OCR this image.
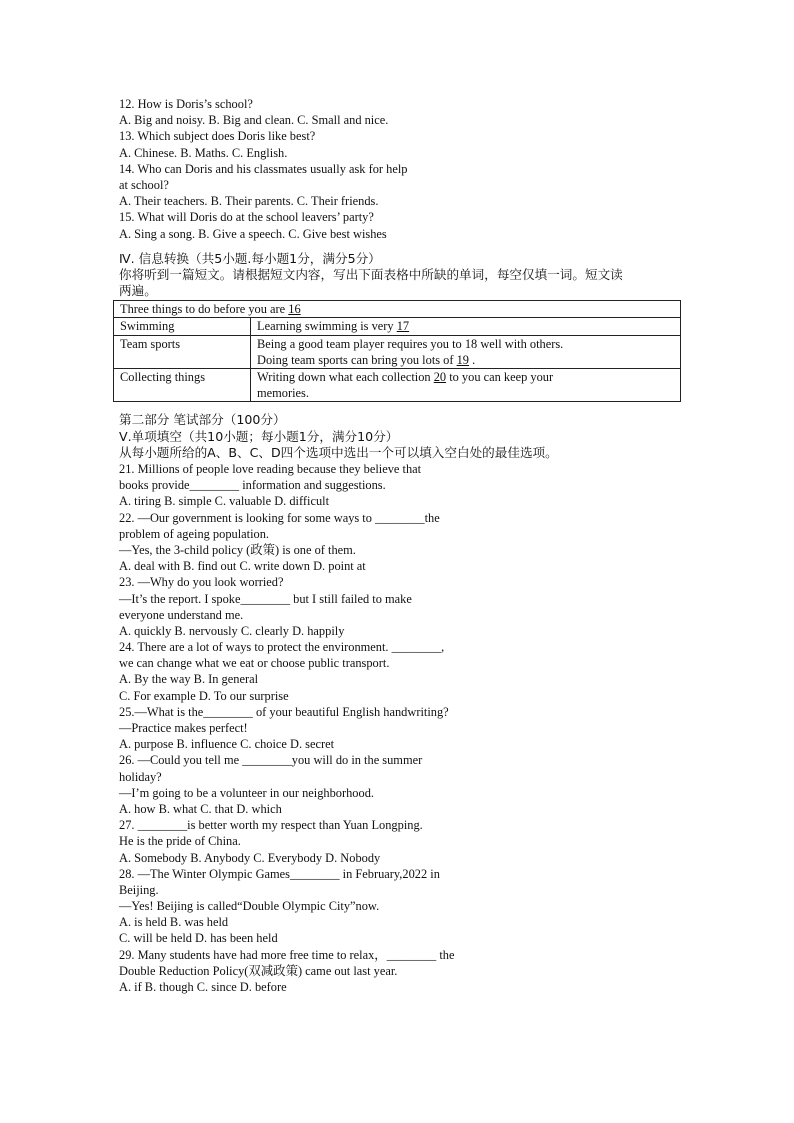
12. How is Doris’s school?
A. Big and noisy. B. Big and clean. C. Small and nice.
13. Which subject does Doris like best?
A. Chinese. B. Maths. C. English.
14. Who can Doris and his classmates usually ask for help
at school?
A. Their teachers. B. Their parents. C. Their friends.
15. What will Doris do at the school leavers’ party?
A. Sing a song. B. Give a speech. C. Give best wishes
Ⅳ. 信息转换（共5小题.每小题1分，满分5分）
你将听到一篇短文。请根据短文内容，写出下面表格中所缺的单词，每空仅填一词。短文读
两遍。
Three things to do before you are 16	
Swimming	Learning swimming is very 17

Team sports	Being a good team player requires you to 18 well with others.
Doing team sports can bring you lots of 19 .

Collecting things	Writing down what each collection 20 to you can keep your
memories.
第二部分 笔试部分（100分）
Ⅴ.单项填空（共10小题；每小题1分，满分10分）
从每小题所给的A、B、C、D四个选项中选出一个可以填入空白处的最佳选项。
21. Millions of people love reading because they believe that
books provide________ information and suggestions.
A. tiring B. simple C. valuable D. difficult
22. —Our government is looking for some ways to ________the
problem of ageing population.
—Yes, the 3-child policy (政策) is one of them.
A. deal with B. find out C. write down D. point at
23. —Why do you look worried?
—It’s the report. I spoke________ but I still failed to make
everyone understand me.
A. quickly B. nervously C. clearly D. happily
24. There are a lot of ways to protect the environment. ________,
we can change what we eat or choose public transport.
A. By the way B. In general
C. For example D. To our surprise
25.—What is the________ of your beautiful English handwriting?
—Practice makes perfect!
A. purpose B. influence C. choice D. secret
26. —Could you tell me ________you will do in the summer
holiday?
—I’m going to be a volunteer in our neighborhood.
A. how B. what C. that D. which
27. ________is better worth my respect than Yuan Longping.
He is the pride of China.
A. Somebody B. Anybody C. Everybody D. Nobody
28. —The Winter Olympic Games________ in February,2022 in
Beijing.
—Yes! Beijing is called“Double Olympic City”now.
A. is held B. was held
C. will be held D. has been held
29. Many students have had more free time to relax，________ the
Double Reduction Policy(双减政策) came out last year.
A. if B. though C. since D. before
